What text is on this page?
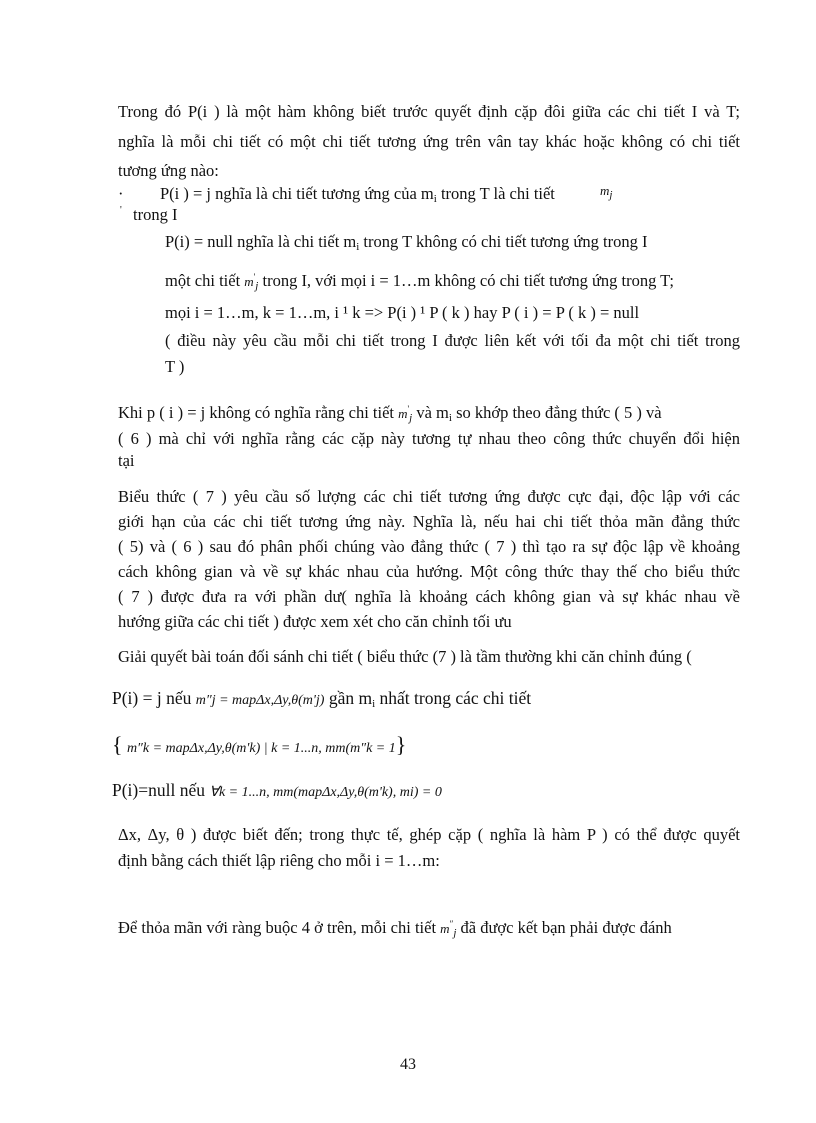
Trong đó P(i ) là một hàm không biết trước quyết định cặp đôi giữa các chi tiết I và T;
nghĩa là mỗi chi tiết có một chi tiết tương ứng trên vân tay khác hoặc không có chi tiết
tương ứng nào:
· P(i ) = j nghĩa là chi tiết tương ứng của $m_i$ trong T là chi tiết	$m_j$
' trong I
P(i) = null nghĩa là chi tiết $m_i$ trong T không có chi tiết tương ứng trong I
một chi tiết $m'_j$ trong I, với mọi i = 1…m không có chi tiết tương ứng trong T;
mọi i = 1…m, k = 1…m, i ¹ k => P(i ) ¹ P ( k ) hay P ( i ) = P ( k ) = null
( điều này yêu cầu mỗi chi tiết trong I được liên kết với tối đa một chi tiết trong
T )
Khi p ( i ) = j không có nghĩa rằng chi tiết $m'_j$ và $m_i$ so khớp theo đẳng thức ( 5 ) và
( 6 ) mà chỉ với nghĩa rằng các cặp này tương tự nhau theo công thức chuyển đổi hiện
tại
Biểu thức ( 7 ) yêu cầu số lượng các chi tiết tương ứng được cực đại, độc lập với các
giới hạn của các chi tiết tương ứng này. Nghĩa là, nếu hai chi tiết thỏa mãn đẳng thức
( 5) và ( 6 ) sau đó phân phối chúng vào đẳng thức ( 7 ) thì tạo ra sự độc lập về khoảng
cách không gian và về sự khác nhau của hướng. Một công thức thay thế cho biểu thức
( 7 ) được đưa ra với phần dư( nghĩa là khoảng cách không gian và sự khác nhau về
hướng giữa các chi tiết ) được xem xét cho căn chỉnh tối ưu
Giải quyết bài toán đối sánh chi tiết ( biểu thức (7 ) là tầm thường khi căn chỉnh đúng (
P(i) = j nếu m″j = mapΔx,Δy,θ(m'j) gần $m_i$ nhất trong các chi tiết
{ m″k = mapΔx,Δy,θ(m'k) | k = 1...n, mm(m″k = 1}
P(i)=null nếu ∀k = 1...n, mm(mapΔx,Δy,θ(m'k), mi) = 0
Δx, Δy, θ ) được biết đến; trong thực tế, ghép cặp ( nghĩa là hàm P ) có thể được quyết
định bằng cách thiết lập riêng cho mỗi i = 1…m:
Để thỏa mãn với ràng buộc 4 ở trên, mỗi chi tiết $m''_j$ đã được kết bạn phải được đánh
43
